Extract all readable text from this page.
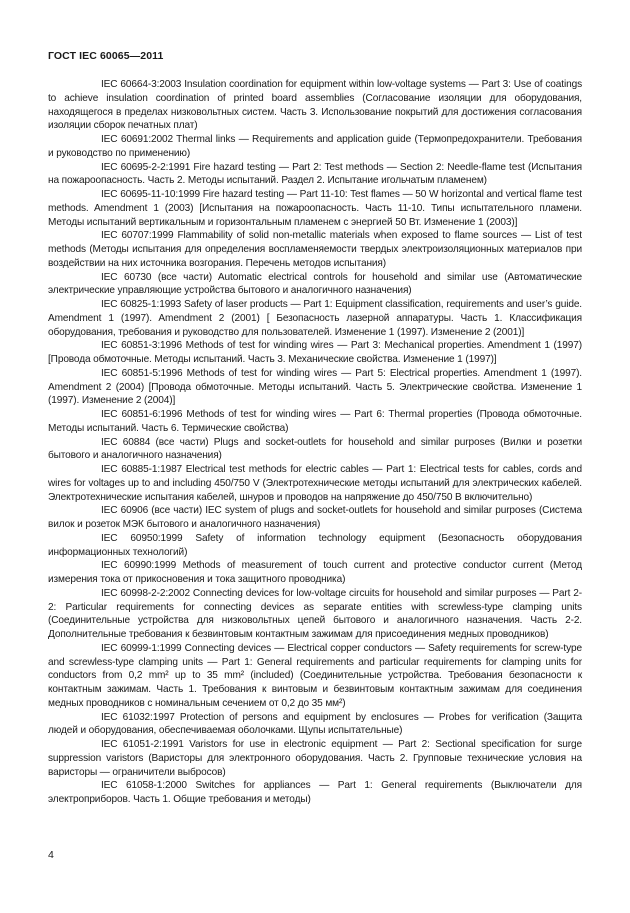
ГОСТ IEC 60065—2011

IEC 60664-3:2003 Insulation coordination for equipment within low-voltage systems — Part 3: Use of coatings to achieve insulation coordination of printed board assemblies (Согласование изоляции для оборудования, находящегося в пределах низковольтных систем. Часть 3. Использование покрытий для достижения согласования изоляции сборок печатных плат)

IEC 60691:2002 Thermal links — Requirements and application guide (Термопредохранители. Требования и руководство по применению)

IEC 60695-2-2:1991 Fire hazard testing — Part 2: Test methods — Section 2: Needle-flame test (Испытания на пожароопасность. Часть 2. Методы испытаний. Раздел 2. Испытание игольчатым пламенем)

IEC 60695-11-10:1999 Fire hazard testing — Part 11-10: Test flames — 50 W horizontal and vertical flame test methods. Amendment 1 (2003) [Испытания на пожароопасность. Часть 11-10. Типы испытательного пламени. Методы испытаний вертикальным и горизонтальным пламенем с энергией 50 Вт. Изменение 1 (2003)]

IEC 60707:1999 Flammability of solid non-metallic materials when exposed to flame sources — List of test methods (Методы испытания для определения воспламеняемости твердых электроизоляционных материалов при воздействии на них источника возгорания. Перечень методов испытания)

IEC 60730 (все части) Automatic electrical controls for household and similar use (Автоматические электрические управляющие устройства бытового и аналогичного назначения)

IEC 60825-1:1993 Safety of laser products — Part 1: Equipment classification, requirements and user’s guide. Amendment 1 (1997). Amendment 2 (2001) [ Безопасность лазерной аппаратуры. Часть 1. Классификация оборудования, требования и руководство для пользователей. Изменение 1 (1997). Изменение 2 (2001)]

IEC 60851-3:1996 Methods of test for winding wires — Part 3: Mechanical properties. Amendment 1 (1997) [Провода обмоточные. Методы испытаний. Часть 3. Механические свойства. Изменение 1 (1997)]

IEC 60851-5:1996 Methods of test for winding wires — Part 5: Electrical properties. Amendment 1 (1997). Amendment 2 (2004) [Провода обмоточные. Методы испытаний. Часть 5. Электрические свойства. Изменение 1 (1997). Изменение 2 (2004)]

IEC 60851-6:1996 Methods of test for winding wires — Part 6: Thermal properties (Провода обмоточные. Методы испытаний. Часть 6. Термические свойства)

IEC 60884 (все части) Plugs and socket-outlets for household and similar purposes (Вилки и розетки бытового и аналогичного назначения)

IEC 60885-1:1987 Electrical test methods for electric cables — Part 1: Electrical tests for cables, cords and wires for voltages up to and including 450/750 V (Электротехнические методы испытаний для электрических кабелей. Электротехнические испытания кабелей, шнуров и проводов на напряжение до 450/750 В включительно)

IEC 60906 (все части) IEC system of plugs and socket-outlets for household and similar purposes (Система вилок и розеток МЭК бытового и аналогичного назначения)

IEC 60950:1999 Safety of information technology equipment (Безопасность оборудования информационных технологий)

IEC 60990:1999 Methods of measurement of touch current and protective conductor current (Метод измерения тока от прикосновения и тока защитного проводника)

IEC 60998-2-2:2002 Connecting devices for low-voltage circuits for household and similar purposes — Part 2-2: Particular requirements for connecting devices as separate entities with screwless-type clamping units (Соединительные устройства для низковольтных цепей бытового и аналогичного назначения. Часть 2-2. Дополнительные требования к безвинтовым контактным зажимам для присоединения медных проводников)

IEC 60999-1:1999 Connecting devices — Electrical copper conductors — Safety requirements for screw-type and screwless-type clamping units — Part 1: General requirements and particular requirements for clamping units for conductors from 0,2 mm² up to 35 mm² (included) (Соединительные устройства. Требования безопасности к контактным зажимам. Часть 1. Требования к винтовым и безвинтовым контактным зажимам для соединения медных проводников с номинальным сечением от 0,2 до 35 мм²)

IEC 61032:1997 Protection of persons and equipment by enclosures — Probes for verification (Защита людей и оборудования, обеспечиваемая оболочками. Щупы испытательные)

IEC 61051-2:1991 Varistors for use in electronic equipment — Part 2: Sectional specification for surge suppression varistors (Варисторы для электронного оборудования. Часть 2. Групповые технические условия на варисторы — ограничители выбросов)

IEC 61058-1:2000 Switches for appliances — Part 1: General requirements (Выключатели для электроприборов. Часть 1. Общие требования и методы)

4
